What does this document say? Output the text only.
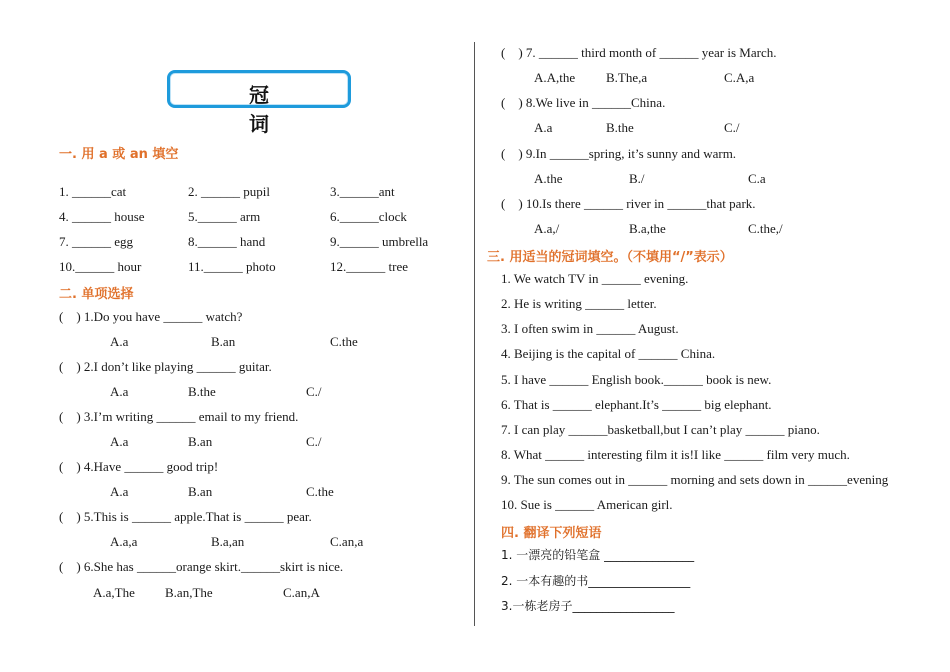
冠 词
一. 用 a 或 an 填空
1. ______cat	2. ______ pupil	3.______ant
4. ______ house	5.______ arm	6.______clock
7. ______ egg	8.______ hand	9.______ umbrella
10.______ hour	11.______ photo	12.______ tree
二. 单项选择
(    ) 1.Do you have ______ watch?
A.a	B.an	C.the
(    ) 2.I don’t like playing ______ guitar.
A.a	B.the	C./
(    ) 3.I’m writing ______ email to my friend.
A.a	B.an	C./
(    ) 4.Have ______ good trip!
A.a	B.an	C.the
(    ) 5.This is ______ apple.That is ______ pear.
A.a,a	B.a,an	C.an,a
(    ) 6.She has ______orange skirt.______skirt is nice.
A.a,The B.an,The	C.an,A
(    ) 7. ______ third month of ______ year is March.
A.A,the B.The,a	C.A,a
(    ) 8.We live in ______China.
A.a	B.the	C./
(    ) 9.In ______spring, it’s sunny and warm.
A.the	B./	C.a
(    ) 10.Is there ______ river in ______that park.
A.a,/	B.a,the	C.the,/
三. 用适当的冠词填空。（不填用“/”表示）
1. We watch TV in ______ evening.
2. He is writing ______ letter.
3. I often swim in ______ August.
4. Beijing is the capital of ______ China.
5. I have ______ English book.______ book is new.
6. That is ______ elephant.It’s ______ big elephant.
7. I can play ______basketball,but I can’t play ______ piano.
8. What ______ interesting film it is!I like ______ film very much.
9. The sun comes out in ______ morning and sets down in ______evening
10. Sue is ______ American girl.
四. 翻译下列短语
1. 一漂亮的铅笔盒 _______________
2. 一本有趣的书_________________
3.一栋老房子_________________
